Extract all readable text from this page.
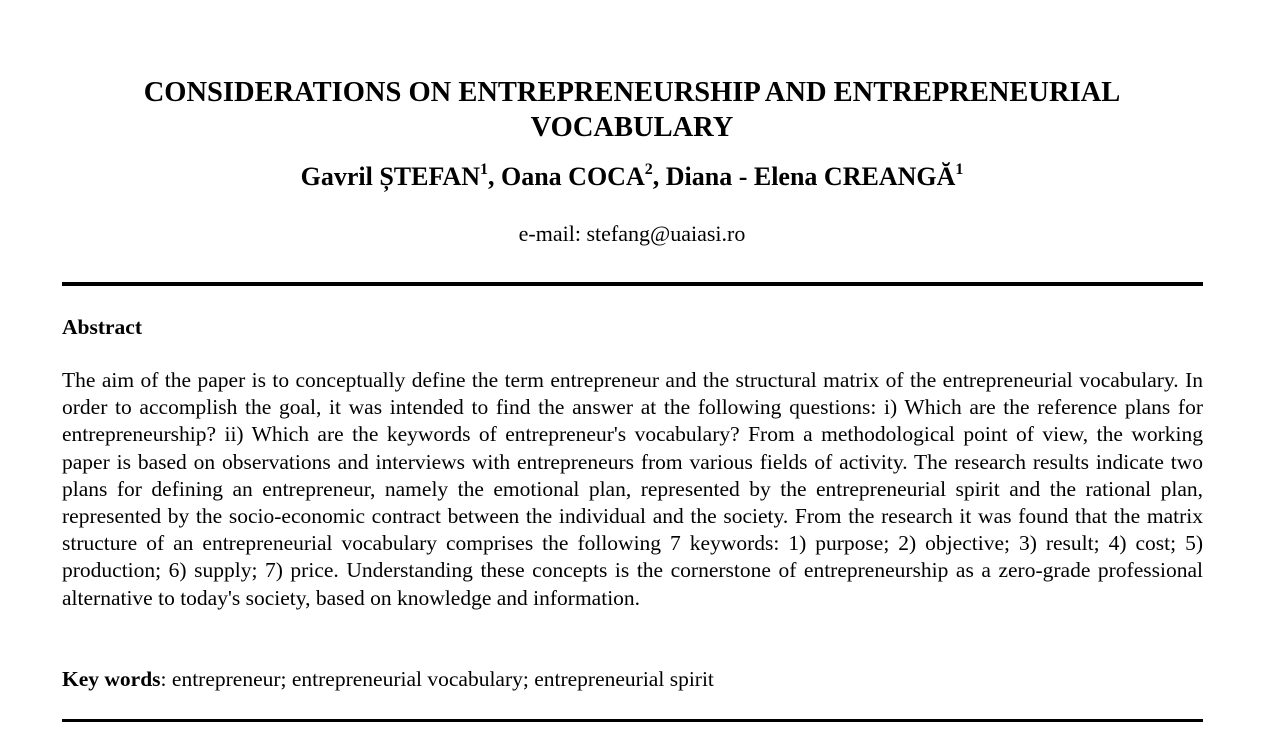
CONSIDERATIONS ON ENTREPRENEURSHIP AND ENTREPRENEURIAL VOCABULARY
Gavril ȘTEFAN$^1$, Oana COCA$^2$, Diana - Elena CREANGĂ$^1$
e-mail: stefang@uaiasi.ro
Abstract

The aim of the paper is to conceptually define the term entrepreneur and the structural matrix of the entrepreneurial vocabulary. In order to accomplish the goal, it was intended to find the answer at the following questions: i) Which are the reference plans for entrepreneurship? ii) Which are the keywords of entrepreneur's vocabulary? From a methodological point of view, the working paper is based on observations and interviews with entrepreneurs from various fields of activity. The research results indicate two plans for defining an entrepreneur, namely the emotional plan, represented by the entrepreneurial spirit and the rational plan, represented by the socio-economic contract between the individual and the society. From the research it was found that the matrix structure of an entrepreneurial vocabulary comprises the following 7 keywords: 1) purpose; 2) objective; 3) result; 4) cost; 5) production; 6) supply; 7) price. Understanding these concepts is the cornerstone of entrepreneurship as a zero-grade professional alternative to today's society, based on knowledge and information.

Key words: entrepreneur; entrepreneurial vocabulary; entrepreneurial spirit
